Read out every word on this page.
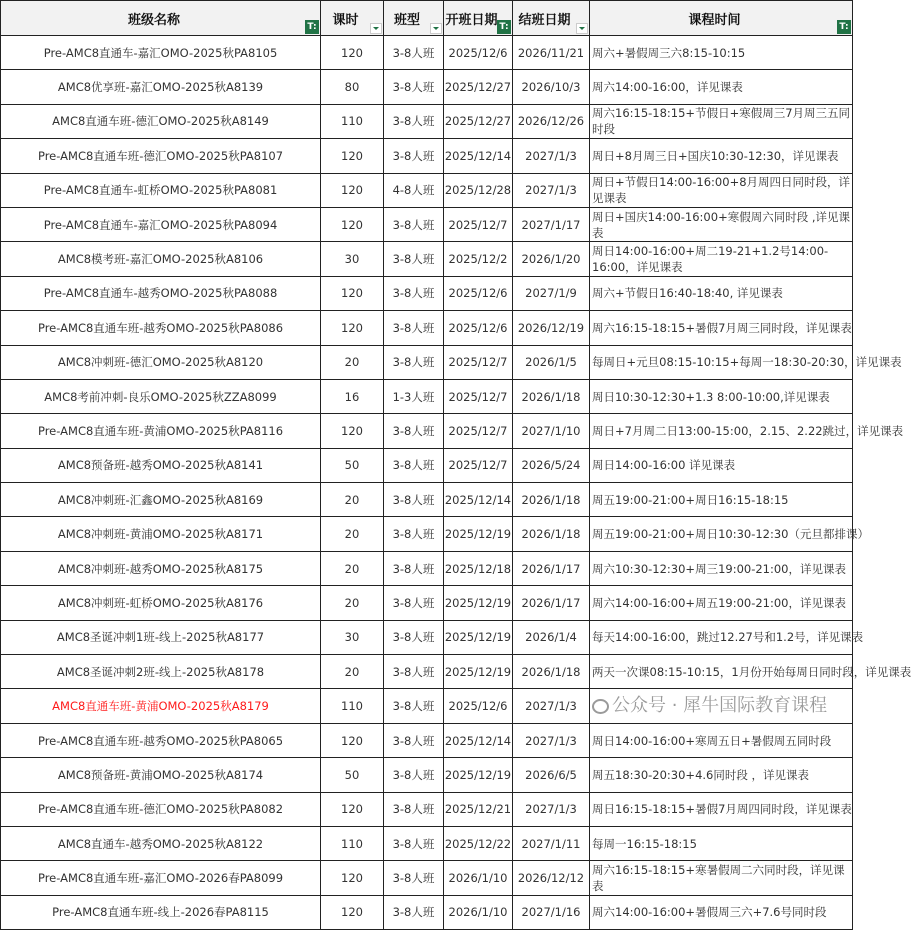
班级名称 T:	课时	班型	开班日期 T:	结班日期	课程时间 T:

Pre-AMC8直通车-嘉汇OMO-2025秋PA8105	120	3-8人班	2025/12/6	2026/11/21	周六+暑假周三六8:15-10:15
AMC8优享班-嘉汇OMO-2025秋A8139	80	3-8人班	2025/12/27	2026/10/3	周六14:00-16:00，详见课表
AMC8直通车班-德汇OMO-2025秋A8149	110	3-8人班	2025/12/27	2026/12/26	周六16:15-18:15+节假日+寒假周三7月周三五同时段
Pre-AMC8直通车班-德汇OMO-2025秋PA8107	120	3-8人班	2025/12/14	2027/1/3	周日+8月周三日+国庆10:30-12:30，详见课表
Pre-AMC8直通车-虹桥OMO-2025秋PA8081	120	4-8人班	2025/12/28	2027/1/3	周日+节假日14:00-16:00+8月周四日同时段，详见课表
Pre-AMC8直通车-嘉汇OMO-2025秋PA8094	120	3-8人班	2025/12/7	2027/1/17	周日+国庆14:00-16:00+寒假周六同时段 ,详见课表
AMC8模考班-嘉汇OMO-2025秋A8106	30	3-8人班	2025/12/2	2026/1/20	周日14:00-16:00+周二19-21+1.2号14:00-16:00，详见课表
Pre-AMC8直通车-越秀OMO-2025秋PA8088	120	3-8人班	2025/12/6	2027/1/9	周六+节假日16:40-18:40, 详见课表
Pre-AMC8直通车班-越秀OMO-2025秋PA8086	120	3-8人班	2025/12/6	2026/12/19	周六16:15-18:15+暑假7月周三同时段，详见课表
AMC8冲刺班-德汇OMO-2025秋A8120	20	3-8人班	2025/12/7	2026/1/5	每周日+元旦08:15-10:15+每周一18:30-20:30，详见课表
AMC8考前冲刺-良乐OMO-2025秋ZZA8099	16	1-3人班	2025/12/7	2026/1/18	周日10:30-12:30+1.3 8:00-10:00,详见课表
Pre-AMC8直通车班-黄浦OMO-2025秋PA8116	120	3-8人班	2025/12/7	2027/1/10	周日+7月周二日13:00-15:00，2.15、2.22跳过，详见课表
AMC8预备班-越秀OMO-2025秋A8141	50	3-8人班	2025/12/7	2026/5/24	周日14:00-16:00 详见课表
AMC8冲刺班-汇鑫OMO-2025秋A8169	20	3-8人班	2025/12/14	2026/1/18	周五19:00-21:00+周日16:15-18:15
AMC8冲刺班-黄浦OMO-2025秋A8171	20	3-8人班	2025/12/19	2026/1/18	周五19:00-21:00+周日10:30-12:30（元旦都排课）
AMC8冲刺班-越秀OMO-2025秋A8175	20	3-8人班	2025/12/18	2026/1/17	周六10:30-12:30+周三19:00-21:00，详见课表
AMC8冲刺班-虹桥OMO-2025秋A8176	20	3-8人班	2025/12/19	2026/1/17	周六14:00-16:00+周五19:00-21:00，详见课表
AMC8圣诞冲刺1班-线上-2025秋A8177	30	3-8人班	2025/12/19	2026/1/4	每天14:00-16:00，跳过12.27号和1.2号，详见课表
AMC8圣诞冲刺2班-线上-2025秋A8178	20	3-8人班	2025/12/19	2026/1/18	两天一次课08:15-10:15，1月份开始每周日同时段，详见课表
AMC8直通车班-黄浦OMO-2025秋A8179	110	3-8人班	2025/12/6	2027/1/3	公众号 · 犀牛国际教育课程

Pre-AMC8直通车班-越秀OMO-2025秋PA8065	120	3-8人班	2025/12/14	2027/1/3	周日14:00-16:00+寒周五日+暑假周五同时段
AMC8预备班-黄浦OMO-2025秋A8174	50	3-8人班	2025/12/19	2026/6/5	周五18:30-20:30+4.6同时段 ，详见课表
Pre-AMC8直通车班-德汇OMO-2025秋PA8082	120	3-8人班	2025/12/21	2027/1/3	周日16:15-18:15+暑假7月周四同时段，详见课表
AMC8直通车-越秀OMO-2025秋A8122	110	3-8人班	2025/12/22	2027/1/11	每周一16:15-18:15
Pre-AMC8直通车班-嘉汇OMO-2026春PA8099	120	3-8人班	2026/1/10	2026/12/12	周六16:15-18:15+寒暑假周二六同时段，详见课表
Pre-AMC8直通车班-线上-2026春PA8115	120	3-8人班	2026/1/10	2027/1/16	周六14:00-16:00+暑假周三六+7.6号同时段
